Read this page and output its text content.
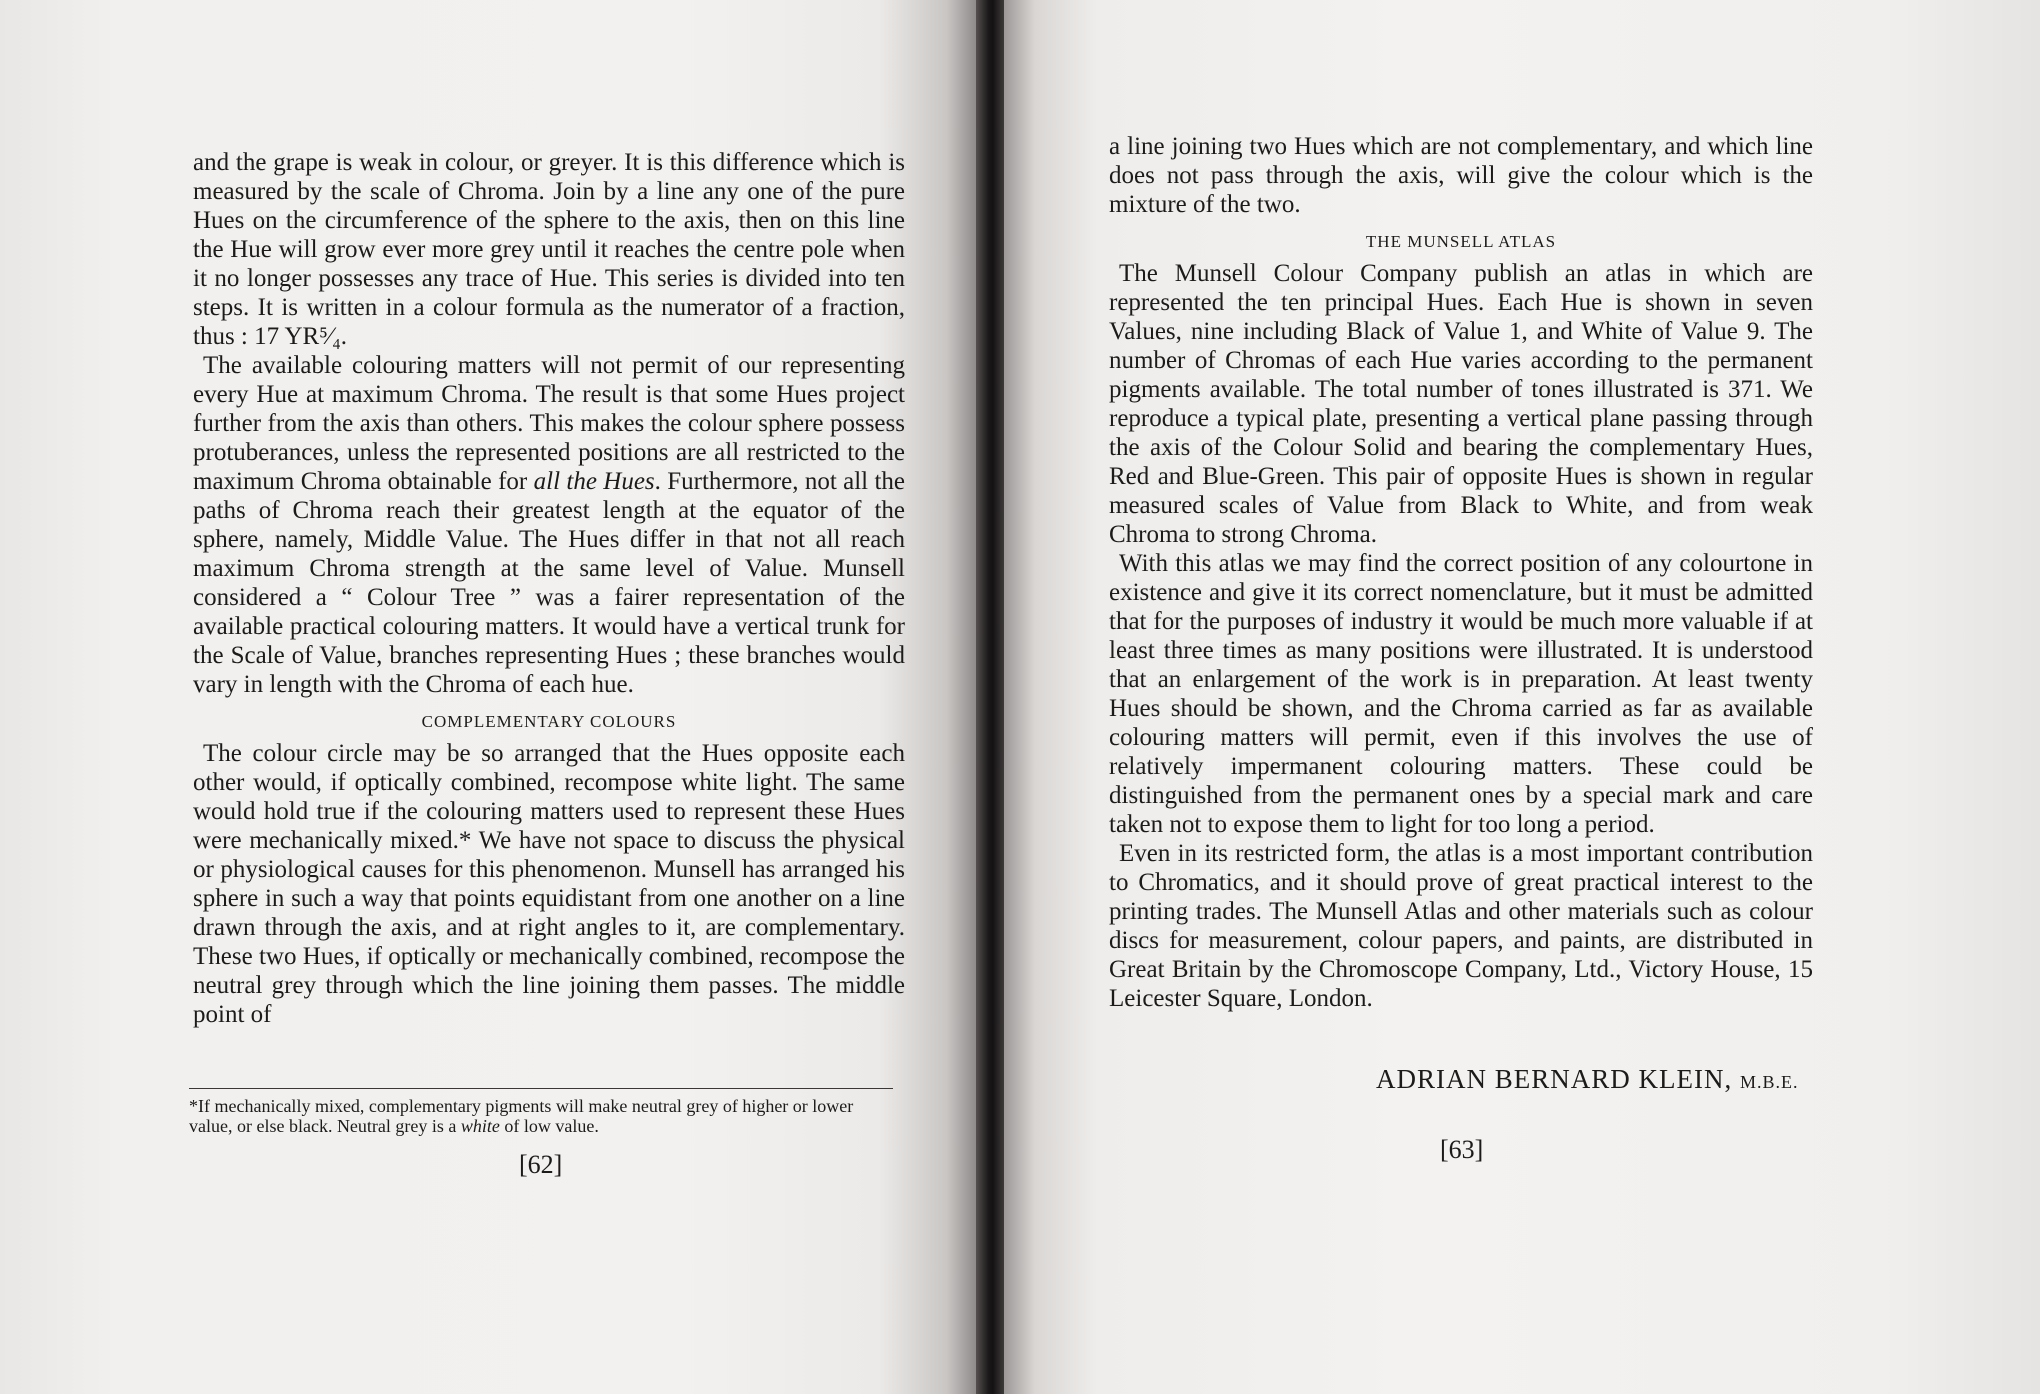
and the grape is weak in colour, or greyer. It is this difference which is measured by the scale of Chroma. Join by a line any one of the pure Hues on the circumference of the sphere to the axis, then on this line the Hue will grow ever more grey until it reaches the centre pole when it no longer possesses any trace of Hue. This series is divided into ten steps. It is written in a colour formula as the numerator of a fraction, thus : 17 YR⁵⁄₄.

The available colouring matters will not permit of our representing every Hue at maximum Chroma. The result is that some Hues project further from the axis than others. This makes the colour sphere possess protuberances, unless the represented positions are all restricted to the maximum Chroma obtainable for all the Hues. Furthermore, not all the paths of Chroma reach their greatest length at the equator of the sphere, namely, Middle Value. The Hues differ in that not all reach maximum Chroma strength at the same level of Value. Munsell considered a “ Colour Tree ” was a fairer representation of the available practical colouring matters. It would have a vertical trunk for the Scale of Value, branches representing Hues ; these branches would vary in length with the Chroma of each hue.

COMPLEMENTARY COLOURS

The colour circle may be so arranged that the Hues opposite each other would, if optically combined, recompose white light. The same would hold true if the colouring matters used to represent these Hues were mechanically mixed.* We have not space to discuss the physical or physiological causes for this phenomenon. Munsell has arranged his sphere in such a way that points equidistant from one another on a line drawn through the axis, and at right angles to it, are complementary. These two Hues, if optically or mechanically combined, recompose the neutral grey through which the line joining them passes. The middle point of

*If mechanically mixed, complementary pigments will make neutral grey of higher or lower value, or else black. Neutral grey is a white of low value.
[62]

a line joining two Hues which are not complementary, and which line does not pass through the axis, will give the colour which is the mixture of the two.

THE MUNSELL ATLAS

The Munsell Colour Company publish an atlas in which are represented the ten principal Hues. Each Hue is shown in seven Values, nine including Black of Value 1, and White of Value 9. The number of Chromas of each Hue varies according to the permanent pigments available. The total number of tones illustrated is 371. We reproduce a typical plate, presenting a vertical plane passing through the axis of the Colour Solid and bearing the complementary Hues, Red and Blue-Green. This pair of opposite Hues is shown in regular measured scales of Value from Black to White, and from weak Chroma to strong Chroma.

With this atlas we may find the correct position of any colourtone in existence and give it its correct nomenclature, but it must be admitted that for the purposes of industry it would be much more valuable if at least three times as many positions were illustrated. It is understood that an enlargement of the work is in preparation. At least twenty Hues should be shown, and the Chroma carried as far as available colouring matters will permit, even if this involves the use of relatively impermanent colouring matters. These could be distinguished from the permanent ones by a special mark and care taken not to expose them to light for too long a period.

Even in its restricted form, the atlas is a most important contribution to Chromatics, and it should prove of great practical interest to the printing trades. The Munsell Atlas and other materials such as colour discs for measurement, colour papers, and paints, are distributed in Great Britain by the Chromoscope Company, Ltd., Victory House, 15 Leicester Square, London.

ADRIAN BERNARD KLEIN, M.B.E.
[63]
